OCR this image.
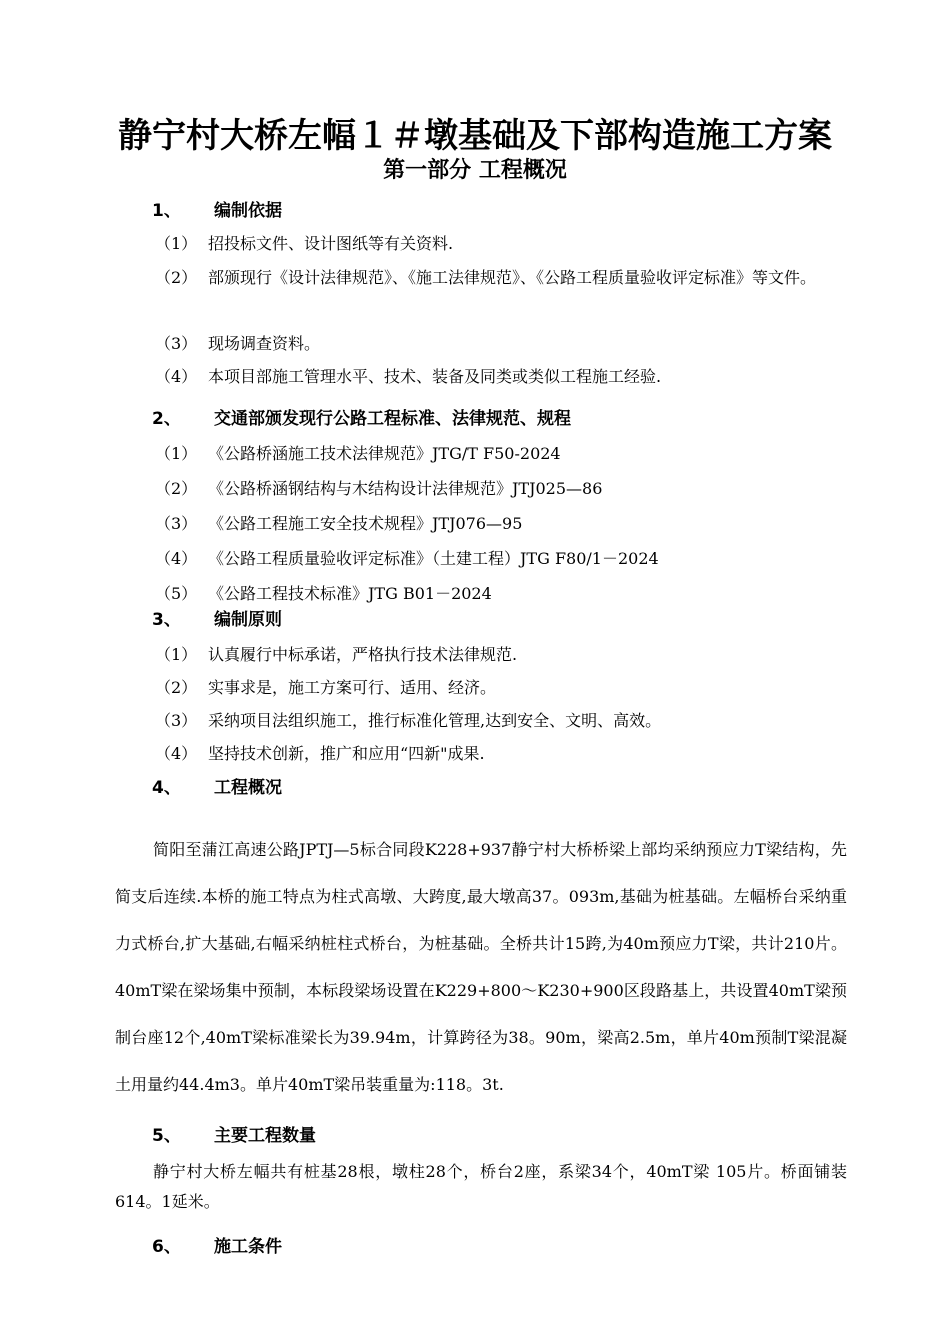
静宁村大桥左幅１＃墩基础及下部构造施工方案
第一部分 工程概况
1、 编制依据
（1） 招投标文件、设计图纸等有关资料.
（2） 部颁现行《设计法律规范》、《施工法律规范》、《公路工程质量验收评定标准》等文件。
（3） 现场调查资料。
（4） 本项目部施工管理水平、技术、装备及同类或类似工程施工经验.
2、 交通部颁发现行公路工程标准、法律规范、规程
（1） 《公路桥涵施工技术法律规范》JTG/T F50-2024
（2） 《公路桥涵钢结构与木结构设计法律规范》JTJ025—86
（3） 《公路工程施工安全技术规程》JTJ076—95
（4） 《公路工程质量验收评定标准》（土建工程）JTG F80/1－2024
（5） 《公路工程技术标准》JTG B01－2024
3、 编制原则
（1） 认真履行中标承诺，严格执行技术法律规范.
（2） 实事求是，施工方案可行、适用、经济。
（3） 采纳项目法组织施工，推行标准化管理,达到安全、文明、高效。
（4） 坚持技术创新，推广和应用“四新"成果.
4、 工程概况
简阳至蒲江高速公路JPTJ—5标合同段K228+937静宁村大桥桥梁上部均采纳预应力T梁结构，先简支后连续.本桥的施工特点为柱式高墩、大跨度,最大墩高37。093m,基础为桩基础。左幅桥台采纳重力式桥台,扩大基础,右幅采纳桩柱式桥台，为桩基础。全桥共计15跨,为40m预应力T梁，共计210片。40mT梁在梁场集中预制，本标段梁场设置在K229+800～K230+900区段路基上，共设置40mT梁预制台座12个,40mT梁标准梁长为39.94m，计算跨径为38。90m，梁高2.5m，单片40m预制T梁混凝土用量约44.4m3。单片40mT梁吊装重量为:118。3t.
5、 主要工程数量
静宁村大桥左幅共有桩基28根，墩柱28个，桥台2座，系梁34个，40mT梁 105片。桥面铺装614。1延米。
6、 施工条件
